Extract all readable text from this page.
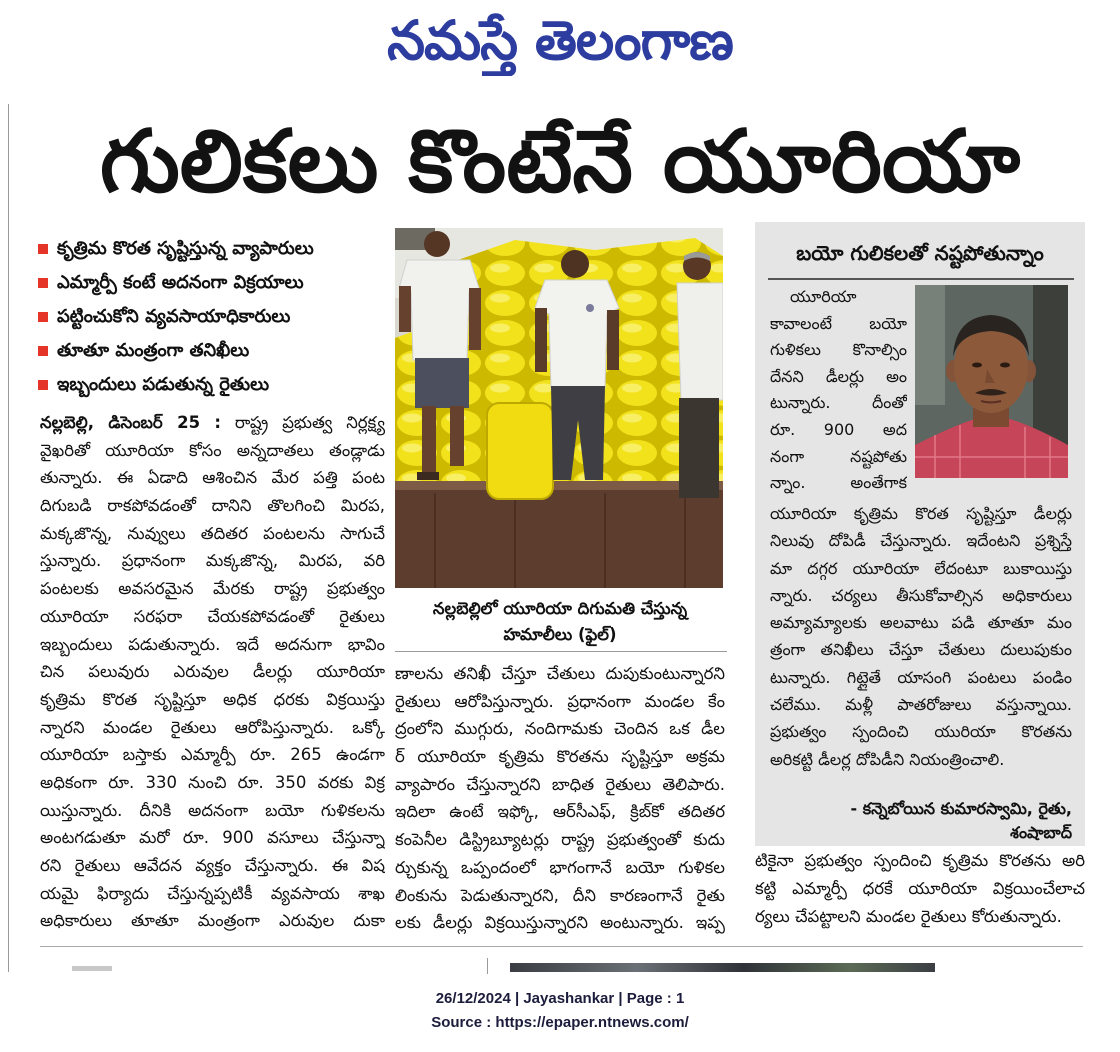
నమస్తే తెలంగాణ
గులికలు కొంటేనే యూరియా
కృత్రిమ కొరత సృష్టిస్తున్న వ్యాపారులు
ఎమ్మార్పీ కంటే అదనంగా విక్రయాలు
పట్టించుకోని వ్యవసాయాధికారులు
తూతూ మంత్రంగా తనిఖీలు
ఇబ్బందులు పడుతున్న రైతులు
నల్లబెల్లి, డిసెంబర్ 25 : రాష్ట్ర ప్రభుత్వ నిర్లక్ష్య
వైఖరితో యూరియా కోసం అన్నదాతలు తండ్లాడు
తున్నారు. ఈ ఏడాది ఆశించిన మేర పత్తి పంట
దిగుబడి రాకపోవడంతో దానిని తొలగించి మిరప,
మక్కజొన్న, నువ్వులు తదితర పంటలను సాగుచే
స్తున్నారు. ప్రధానంగా మక్కజొన్న, మిరప, వరి
పంటలకు అవసరమైన మేరకు రాష్ట్ర ప్రభుత్వం
యూరియా సరఫరా చేయకపోవడంతో రైతులు
ఇబ్బందులు పడుతున్నారు. ఇదే అదనుగా భావిం
చిన పలువురు ఎరువుల డీలర్లు యూరియా
కృత్రిమ కొరత సృష్టిస్తూ అధిక ధరకు విక్రయిస్తు
న్నారని మండల రైతులు ఆరోపిస్తున్నారు. ఒక్కో
యూరియా బస్తాకు ఎమ్మార్పీ రూ. 265 ఉండగా
అధికంగా రూ. 330 నుంచి రూ. 350 వరకు విక్ర
యిస్తున్నారు. దీనికి అదనంగా బయో గుళికలను
అంటగడుతూ మరో రూ. 900 వసూలు చేస్తున్నా
రని రైతులు ఆవేదన వ్యక్తం చేస్తున్నారు. ఈ విష
యమై ఫిర్యాదు చేస్తున్నప్పటికీ వ్యవసాయ శాఖ
అధికారులు తూతూ మంత్రంగా ఎరువుల దుకా
నల్లబెల్లిలో యూరియా దిగుమతి చేస్తున్న
హమాలీలు (ఫైల్)
ణాలను తనిఖీ చేస్తూ చేతులు దుపుకుంటున్నారని
రైతులు ఆరోపిస్తున్నారు. ప్రధానంగా మండల కేం
ద్రంలోని ముగ్గురు, నందిగామకు చెందిన ఒక డీల
ర్ యూరియా కృత్రిమ కొరతను సృష్టిస్తూ అక్రమ
వ్యాపారం చేస్తున్నారని బాధిత రైతులు తెలిపారు.
ఇదిలా ఉంటే ఇఫ్కో, ఆర్‌సీఎఫ్, క్రిబ్‌కో తదితర
కంపెనీల డిస్ట్రిబ్యూటర్లు రాష్ట్ర ప్రభుత్వంతో కుదు
ర్చుకున్న ఒప్పందంలో భాగంగానే బయో గుళికల
లింకును పెడుతున్నారని, దీని కారణంగానే రైతు
లకు డీలర్లు విక్రయిస్తున్నారని అంటున్నారు. ఇప్ప
బయో గులికలతో నష్టపోతున్నాం
యూరియా
కావాలంటే బయో
గుళికలు కొనాల్సిం
దేనని డీలర్లు అం
టున్నారు. దీంతో
రూ. 900 అద
నంగా నష్టపోతు
న్నాం. అంతేగాక
యూరియా కృత్రిమ కొరత సృష్టిస్తూ డీలర్లు
నిలువు దోపిడీ చేస్తున్నారు. ఇదేంటని ప్రశ్నిస్తే
మా దగ్గర యూరియా లేదంటూ బుకాయిస్తు
న్నారు. చర్యలు తీసుకోవాల్సిన అధికారులు
అమ్యామ్యాలకు అలవాటు పడి తూతూ మం
త్రంగా తనిఖీలు చేస్తూ చేతులు దులుపుకుం
టున్నారు. గిట్లైతే యాసంగి పంటలు పండిం
చలేము. మళ్లీ పాతరోజులు వస్తున్నాయి.
ప్రభుత్వం స్పందించి యురియా కొరతను
అరికట్టి డీలర్ల దోపిడీని నియంత్రించాలి.
- కన్నెబోయిన కుమారస్వామి, రైతు,
శంషాబాద్
టికైనా ప్రభుత్వం స్పందించి కృత్రిమ కొరతను అరి
కట్టి ఎమ్మార్పీ ధరకే యూరియా విక్రయించేలాచ
ర్యలు చేపట్టాలని మండల రైతులు కోరుతున్నారు.
26/12/2024 | Jayashankar | Page : 1
Source : https://epaper.ntnews.com/
